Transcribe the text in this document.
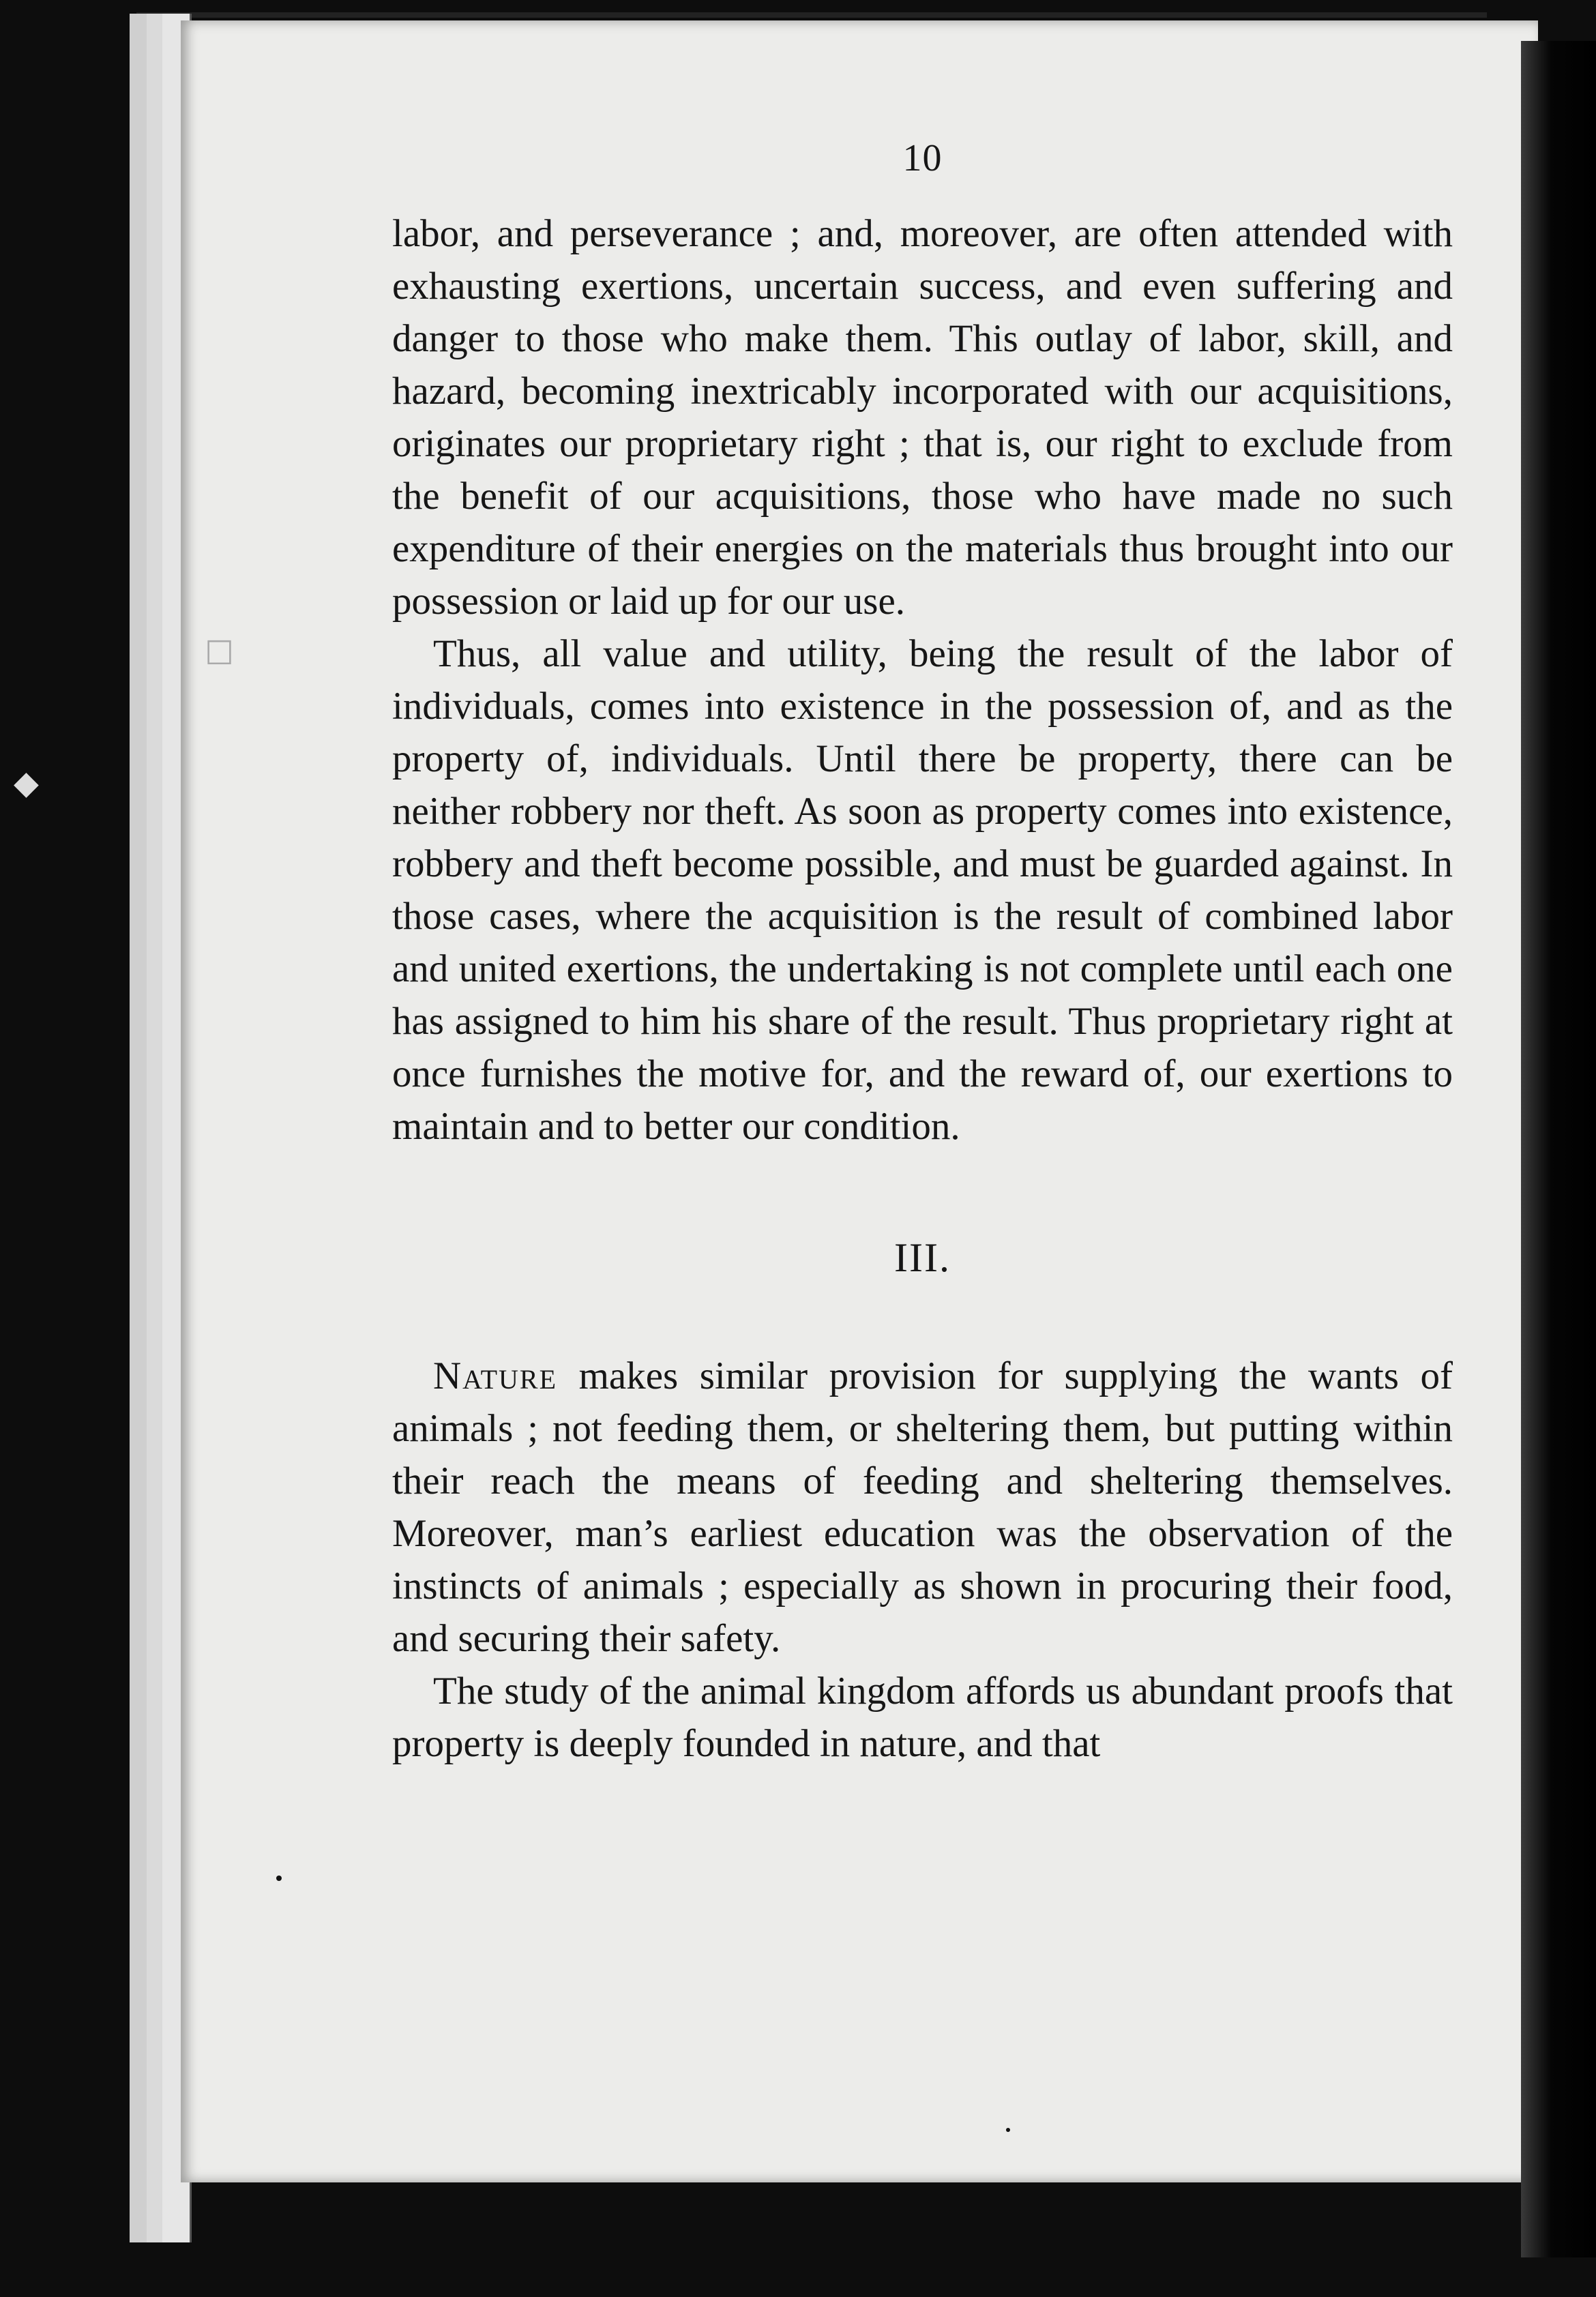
◆
☐
10

labor, and perseverance ; and, moreover, are often attended with exhausting exertions, uncertain success, and even suffering and danger to those who make them. This outlay of labor, skill, and hazard, becoming inextricably incorporated with our acquisitions, originates our proprietary right ; that is, our right to exclude from the benefit of our acquisitions, those who have made no such expenditure of their energies on the materials thus brought into our possession or laid up for our use.

Thus, all value and utility, being the result of the labor of individuals, comes into existence in the possession of, and as the property of, individuals. Until there be property, there can be neither robbery nor theft. As soon as property comes into existence, robbery and theft become possible, and must be guarded against. In those cases, where the acquisition is the result of combined labor and united exertions, the undertaking is not complete until each one has assigned to him his share of the result. Thus proprietary right at once furnishes the motive for, and the reward of, our exertions to maintain and to better our condition.

III.

Nature makes similar provision for supplying the wants of animals ; not feeding them, or sheltering them, but putting within their reach the means of feeding and sheltering themselves. Moreover, man’s earliest education was the observation of the instincts of animals ; especially as shown in procuring their food, and securing their safety.

The study of the animal kingdom affords us abundant proofs that property is deeply founded in nature, and that
